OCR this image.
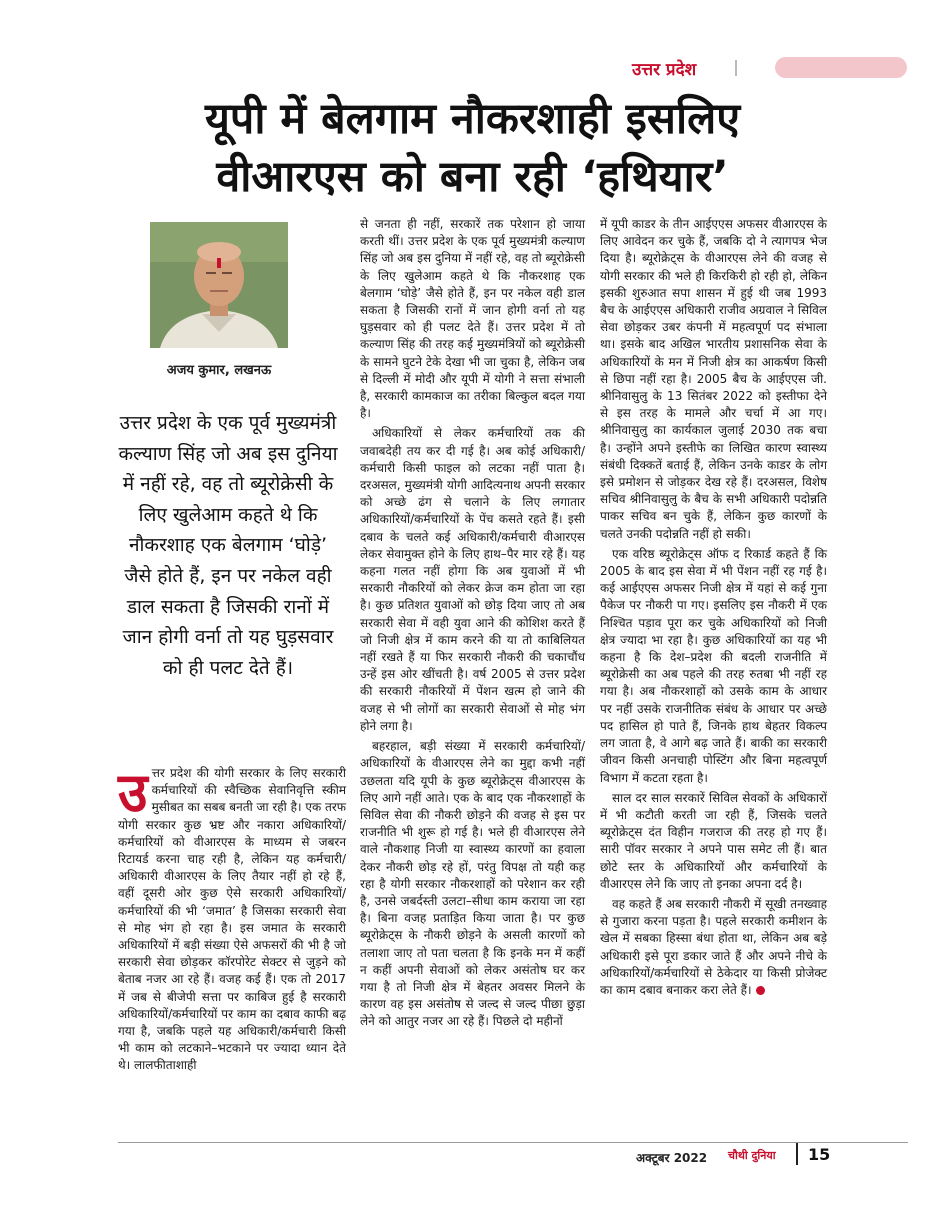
उत्तर प्रदेश
यूपी में बेलगाम नौकरशाही इसलिए
वीआरएस को बना रही ‘हथियार’
अजय कुमार, लखनऊ

उत्तर प्रदेश के एक पूर्व मुख्यमंत्री कल्याण सिंह जो अब इस दुनिया में नहीं रहे, वह तो ब्यूरोक्रेसी के लिए खुलेआम कहते थे कि नौकरशाह एक बेलगाम ‘घोड़े’ जैसे होते हैं, इन पर नकेल वही डाल सकता है जिसकी रानों में जान होगी वर्ना तो यह घुड़सवार को ही पलट देते हैं।

उत्तर प्रदेश की योगी सरकार के लिए सरकारी कर्मचारियों की स्वैच्छिक सेवानिवृत्ति स्कीम मुसीबत का सबब बनती जा रही है। एक तरफ योगी सरकार कुछ भ्रष्ट और नकारा अधिकारियों/ कर्मचारियों को वीआरएस के माध्यम से जबरन रिटायर्ड करना चाह रही है, लेकिन यह कर्मचारी/अधिकारी वीआरएस के लिए तैयार नहीं हो रहे हैं, वहीं दूसरी ओर कुछ ऐसे सरकारी अधिकारियों/ कर्मचारियों की भी ‘जमात’ है जिसका सरकारी सेवा से मोह भंग हो रहा है। इस जमात के सरकारी अधिकारियों में बड़ी संख्या ऐसे अफसरों की भी है जो सरकारी सेवा छोड़कर कॉरपोरेट सेक्टर से जुड़ने को बेताब नजर आ रहे हैं। वजह कई हैं। एक तो 2017 में जब से बीजेपी सत्ता पर काबिज हुई है सरकारी अधिकारियों/कर्मचारियों पर काम का दबाव काफी बढ़ गया है, जबकि पहले यह अधिकारी/कर्मचारी किसी भी काम को लटकाने–भटकाने पर ज्यादा ध्यान देते थे। लालफीताशाही

से जनता ही नहीं, सरकारें तक परेशान हो जाया करती थीं। उत्तर प्रदेश के एक पूर्व मुख्यमंत्री कल्याण सिंह जो अब इस दुनिया में नहीं रहे, वह तो ब्यूरोक्रेसी के लिए खुलेआम कहते थे कि नौकरशाह एक बेलगाम ‘घोड़े’ जैसे होते हैं, इन पर नकेल वही डाल सकता है जिसकी रानों में जान होगी वर्ना तो यह घुड़सवार को ही पलट देते हैं। उत्तर प्रदेश में तो कल्याण सिंह की तरह कई मुख्यमंत्रियों को ब्यूरोक्रेसी के सामने घुटने टेके देखा भी जा चुका है, लेकिन जब से दिल्ली में मोदी और यूपी में योगी ने सत्ता संभाली है, सरकारी कामकाज का तरीका बिल्कुल बदल गया है।

अधिकारियों से लेकर कर्मचारियों तक की जवाबदेही तय कर दी गई है। अब कोई अधिकारी/कर्मचारी किसी फाइल को लटका नहीं पाता है। दरअसल, मुख्यमंत्री योगी आदित्यनाथ अपनी सरकार को अच्छे ढंग से चलाने के लिए लगातार अधिकारियों/कर्मचारियों के पेंच कसते रहते हैं। इसी दबाव के चलते कई अधिकारी/कर्मचारी वीआरएस लेकर सेवामुक्त होने के लिए हाथ–पैर मार रहे हैं। यह कहना गलत नहीं होगा कि अब युवाओं में भी सरकारी नौकरियों को लेकर क्रेज कम होता जा रहा है। कुछ प्रतिशत युवाओं को छोड़ दिया जाए तो अब सरकारी सेवा में वही युवा आने की कोशिश करते हैं जो निजी क्षेत्र में काम करने की या तो काबिलियत नहीं रखते हैं या फिर सरकारी नौकरी की चकाचौंध उन्हें इस ओर खींचती है। वर्ष 2005 से उत्तर प्रदेश की सरकारी नौकरियों में पेंशन खत्म हो जाने की वजह से भी लोगों का सरकारी सेवाओं से मोह भंग होने लगा है।

बहरहाल, बड़ी संख्या में सरकारी कर्मचारियों/अधिकारियों के वीआरएस लेने का मुद्दा कभी नहीं उछलता यदि यूपी के कुछ ब्यूरोक्रेट्स वीआरएस के लिए आगे नहीं आते। एक के बाद एक नौकरशाहों के सिविल सेवा की नौकरी छोड़ने की वजह से इस पर राजनीति भी शुरू हो गई है। भले ही वीआरएस लेने वाले नौकशाह निजी या स्वास्थ्य कारणों का हवाला देकर नौकरी छोड़ रहे हों, परंतु विपक्ष तो यही कह रहा है योगी सरकार नौकरशाहों को परेशान कर रही है, उनसे जबर्दस्ती उलटा–सीधा काम कराया जा रहा है। बिना वजह प्रताड़ित किया जाता है। पर कुछ ब्यूरोक्रेट्स के नौकरी छोड़ने के असली कारणों को तलाशा जाए तो पता चलता है कि इनके मन में कहीं न कहीं अपनी सेवाओं को लेकर असंतोष घर कर गया है तो निजी क्षेत्र में बेहतर अवसर मिलने के कारण वह इस असंतोष से जल्द से जल्द पीछा छुड़ा लेने को आतुर नजर आ रहे हैं। पिछले दो महीनों

में यूपी काडर के तीन आईएएस अफसर वीआरएस के लिए आवेदन कर चुके हैं, जबकि दो ने त्यागपत्र भेज दिया है। ब्यूरोक्रेट्स के वीआरएस लेने की वजह से योगी सरकार की भले ही किरकिरी हो रही हो, लेकिन इसकी शुरुआत सपा शासन में हुई थी जब 1993 बैच के आईएएस अधिकारी राजीव अग्रवाल ने सिविल सेवा छोड़कर उबर कंपनी में महत्वपूर्ण पद संभाला था। इसके बाद अखिल भारतीय प्रशासनिक सेवा के अधिकारियों के मन में निजी क्षेत्र का आकर्षण किसी से छिपा नहीं रहा है। 2005 बैच के आईएएस जी. श्रीनिवासुलु के 13 सितंबर 2022 को इस्तीफा देने से इस तरह के मामले और चर्चा में आ गए। श्रीनिवासुलु का कार्यकाल जुलाई 2030 तक बचा है। उन्होंने अपने इस्तीफे का लिखित कारण स्वास्थ्य संबंधी दिक्कतें बताई हैं, लेकिन उनके काडर के लोग इसे प्रमोशन से जोड़कर देख रहे हैं। दरअसल, विशेष सचिव श्रीनिवासुलु के बैच के सभी अधिकारी पदोन्नति पाकर सचिव बन चुके हैं, लेकिन कुछ कारणों के चलते उनकी पदोन्नति नहीं हो सकी।

एक वरिष्ठ ब्यूरोक्रेट्स ऑफ द रिकार्ड कहते हैं कि 2005 के बाद इस सेवा में भी पेंशन नहीं रह गई है। कई आईएएस अफसर निजी क्षेत्र में यहां से कई गुना पैकेज पर नौकरी पा गए। इसलिए इस नौकरी में एक निश्चित पड़ाव पूरा कर चुके अधिकारियों को निजी क्षेत्र ज्यादा भा रहा है। कुछ अधिकारियों का यह भी कहना है कि देश–प्रदेश की बदली राजनीति में ब्यूरोक्रेसी का अब पहले की तरह रुतबा भी नहीं रह गया है। अब नौकरशाहों को उसके काम के आधार पर नहीं उसके राजनीतिक संबंध के आधार पर अच्छे पद हासिल हो पाते हैं, जिनके हाथ बेहतर विकल्प लग जाता है, वे आगे बढ़ जाते हैं। बाकी का सरकारी जीवन किसी अनचाही पोस्टिंग और बिना महत्वपूर्ण विभाग में कटता रहता है।

साल दर साल सरकारें सिविल सेवकों के अधिकारों में भी कटौती करती जा रही हैं, जिसके चलते ब्यूरोक्रेट्स दंत विहीन गजराज की तरह हो गए हैं। सारी पॉवर सरकार ने अपने पास समेट ली हैं। बात छोटे स्तर के अधिकारियों और कर्मचारियों के वीआरएस लेने कि जाए तो इनका अपना दर्द है।

वह कहते हैं अब सरकारी नौकरी में सूखी तनख्वाह से गुजारा करना पड़ता है। पहले सरकारी कमीशन के खेल में सबका हिस्सा बंधा होता था, लेकिन अब बड़े अधिकारी इसे पूरा डकार जाते हैं और अपने नीचे के अधिकारियों/कर्मचारियों से ठेकेदार या किसी प्रोजेक्ट का काम दबाव बनाकर करा लेते हैं।

अक्टूबर 2022 चौथी दुनिया 15
